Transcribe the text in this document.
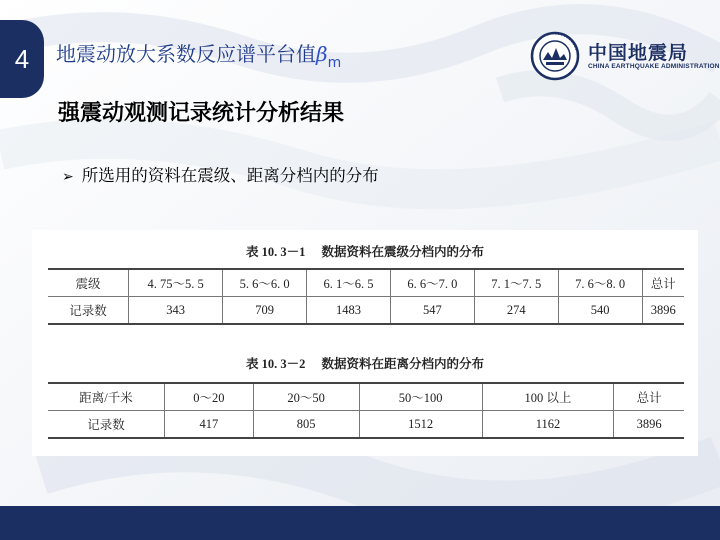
4	地震动放大系数反应谱平台值$\beta_m$	中国地震局
CHINA EARTHQUAKE ADMINISTRATION
强震动观测记录统计分析结果
➢ 所选用的资料在震级、距离分档内的分布
表 10. 3－1 数据资料在震级分档内的分布
震级	4. 75～5. 5	5. 6～6. 0	6. 1～6. 5	6. 6～7. 0	7. 1～7. 5	7. 6～8. 0	总计
记录数	343	709	1483	547	274	540	3896
表 10. 3－2 数据资料在距离分档内的分布
距离/千米	0～20	20～50	50～100	100 以上	总计
记录数	417	805	1512	1162	3896
